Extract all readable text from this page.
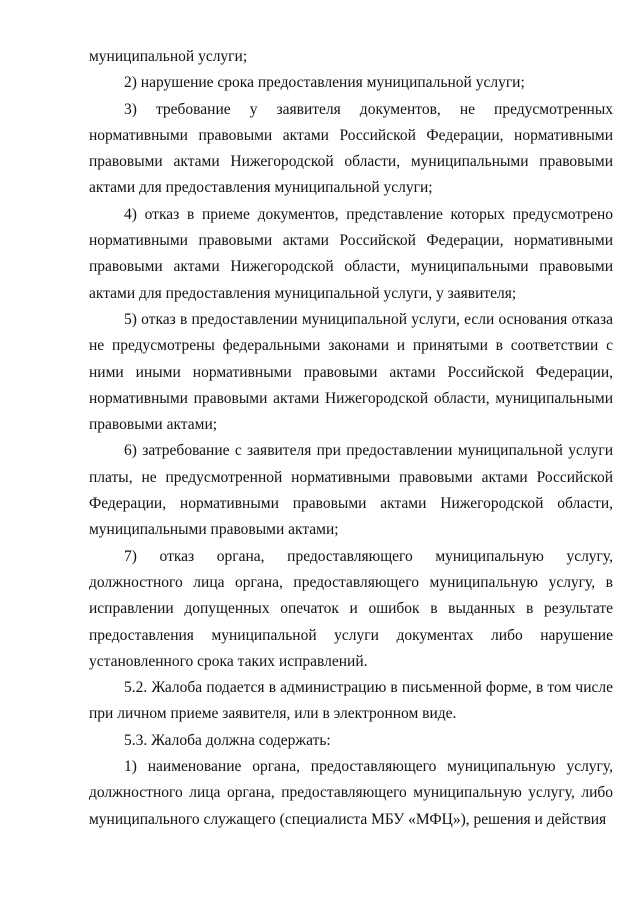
муниципальной услуги;

2) нарушение срока предоставления муниципальной услуги;

3) требование у заявителя документов, не предусмотренных нормативными правовыми актами Российской Федерации, нормативными правовыми актами Нижегородской области, муниципальными правовыми актами для предоставления муниципальной услуги;

4) отказ в приеме документов, представление которых предусмотрено нормативными правовыми актами Российской Федерации, нормативными правовыми актами Нижегородской области, муниципальными правовыми актами для предоставления муниципальной услуги, у заявителя;

5) отказ в предоставлении муниципальной услуги, если основания отказа не предусмотрены федеральными законами и принятыми в соответствии с ними иными нормативными правовыми актами Российской Федерации, нормативными правовыми актами Нижегородской области, муниципальными правовыми актами;

6) затребование с заявителя при предоставлении муниципальной услуги платы, не предусмотренной нормативными правовыми актами Российской Федерации, нормативными правовыми актами Нижегородской области, муниципальными правовыми актами;

7) отказ органа, предоставляющего муниципальную услугу, должностного лица органа, предоставляющего муниципальную услугу, в исправлении допущенных опечаток и ошибок в выданных в результате предоставления муниципальной услуги документах либо нарушение установленного срока таких исправлений.

5.2. Жалоба подается в администрацию в письменной форме, в том числе при личном приеме заявителя, или в электронном виде.

5.3. Жалоба должна содержать:

1) наименование органа, предоставляющего муниципальную услугу, должностного лица органа, предоставляющего муниципальную услугу, либо муниципального служащего (специалиста МБУ «МФЦ»), решения и действия
